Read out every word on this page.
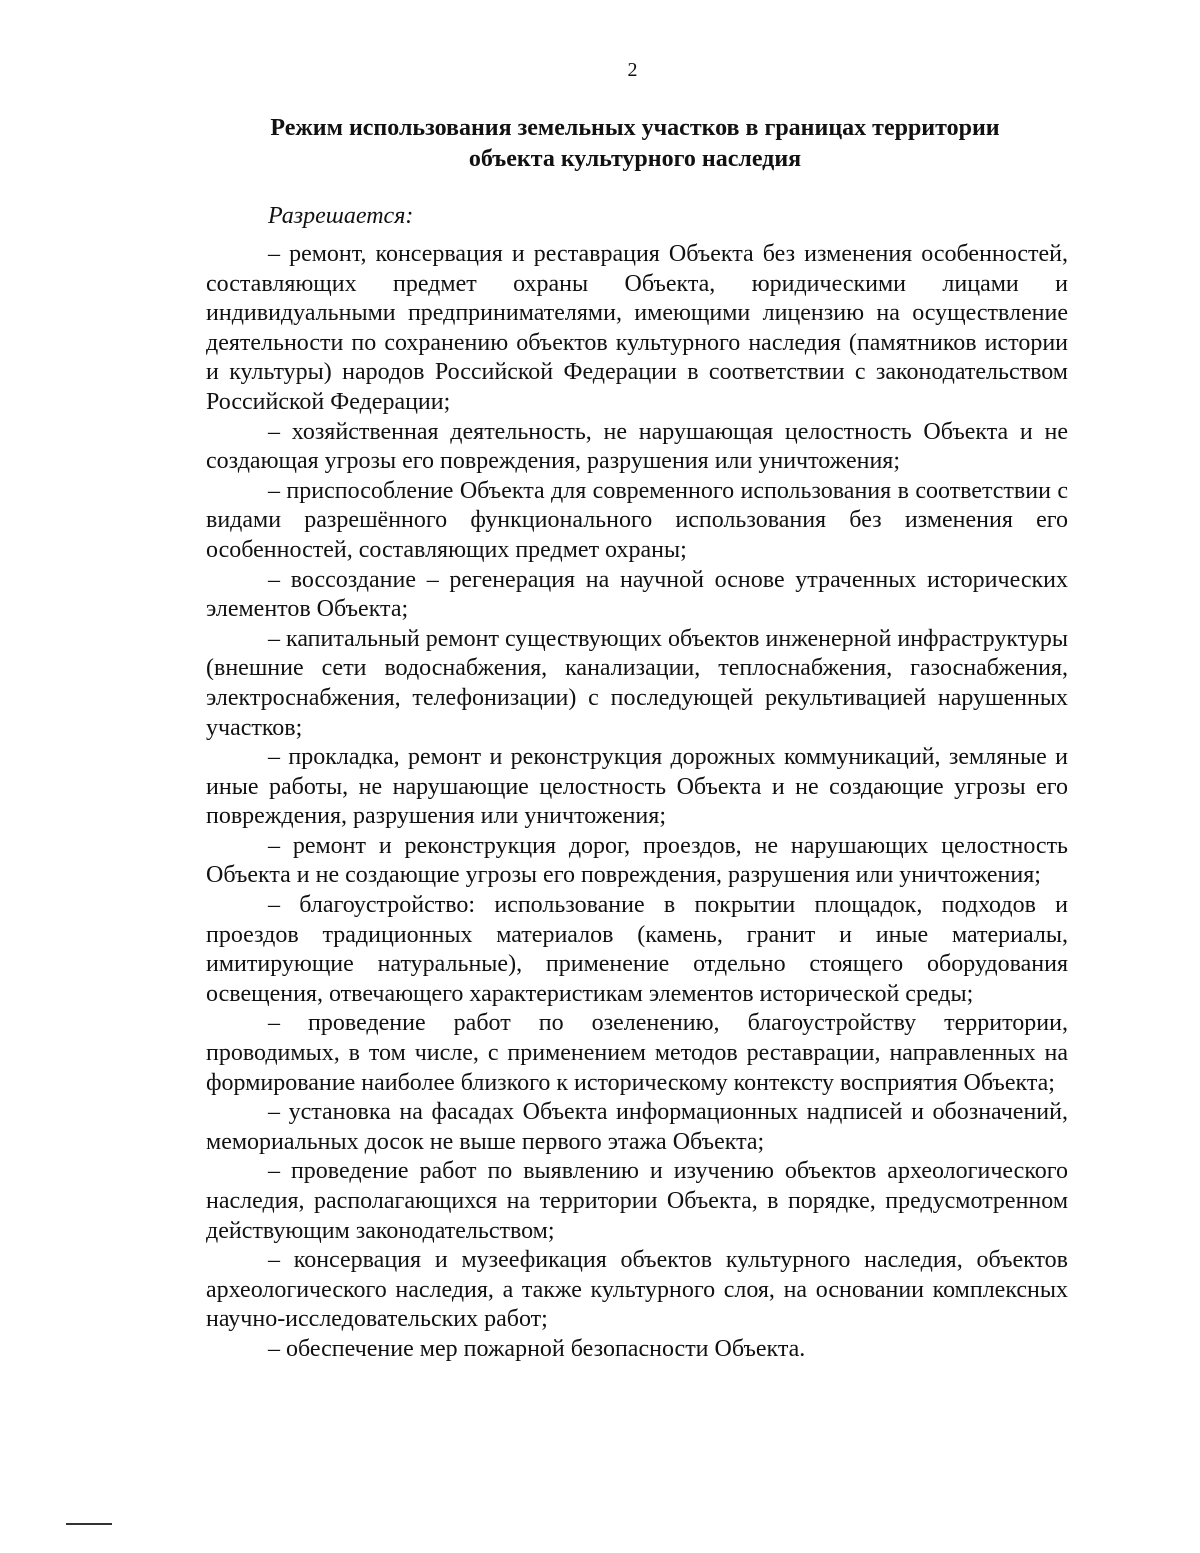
2
Режим использования земельных участков в границах территории
объекта культурного наследия
Разрешается:

– ремонт, консервация и реставрация Объекта без изменения особенностей, составляющих предмет охраны Объекта, юридическими лицами и индивидуальными предпринимателями, имеющими лицензию на осуществление деятельности по сохранению объектов культурного наследия (памятников истории и культуры) народов Российской Федерации в соответствии с законодательством Российской Федерации;

– хозяйственная деятельность, не нарушающая целостность Объекта и не создающая угрозы его повреждения, разрушения или уничтожения;

– приспособление Объекта для современного использования в соответствии с видами разрешённого функционального использования без изменения его особенностей, составляющих предмет охраны;

– воссоздание – регенерация на научной основе утраченных исторических элементов Объекта;

– капитальный ремонт существующих объектов инженерной инфраструктуры (внешние сети водоснабжения, канализации, теплоснабжения, газоснабжения, электроснабжения, телефонизации) с последующей рекультивацией нарушенных участков;

– прокладка, ремонт и реконструкция дорожных коммуникаций, земляные и иные работы, не нарушающие целостность Объекта и не создающие угрозы его повреждения, разрушения или уничтожения;

– ремонт и реконструкция дорог, проездов, не нарушающих целостность Объекта и не создающие угрозы его повреждения, разрушения или уничтожения;

– благоустройство: использование в покрытии площадок, подходов и проездов традиционных материалов (камень, гранит и иные материалы, имитирующие натуральные), применение отдельно стоящего оборудования освещения, отвечающего характеристикам элементов исторической среды;

– проведение работ по озеленению, благоустройству территории, проводимых, в том числе, с применением методов реставрации, направленных на формирование наиболее близкого к историческому контексту восприятия Объекта;

– установка на фасадах Объекта информационных надписей и обозначений, мемориальных досок не выше первого этажа Объекта;

– проведение работ по выявлению и изучению объектов археологического наследия, располагающихся на территории Объекта, в порядке, предусмотренном действующим законодательством;

– консервация и музеефикация объектов культурного наследия, объектов археологического наследия, а также культурного слоя, на основании комплексных научно-исследовательских работ;

– обеспечение мер пожарной безопасности Объекта.
